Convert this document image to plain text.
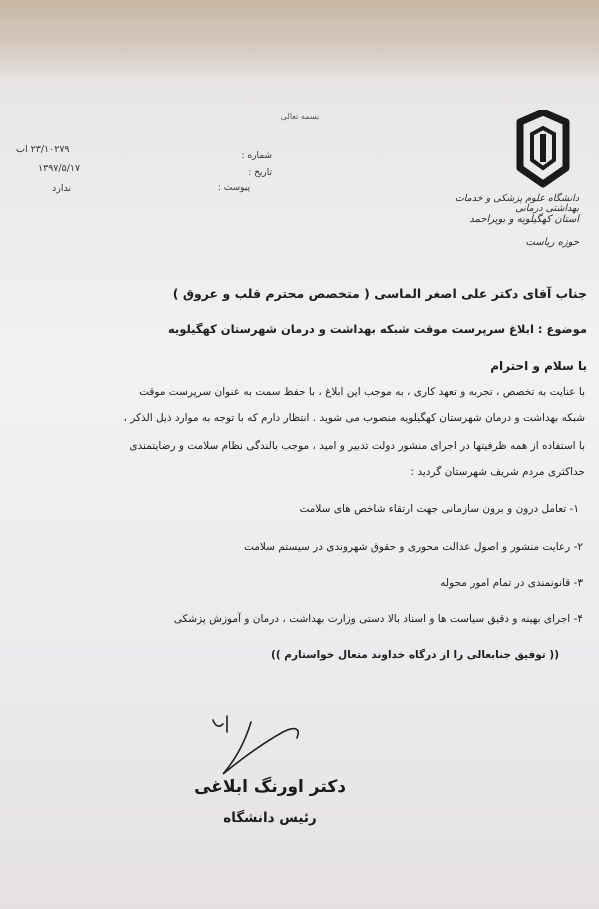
بسمه تعالی
دانشگاه علوم پزشکی و خدمات بهداشتی درمانی
استان کهگیلویه و بویراحمد
حوزه ریاست
شماره :
۲۳/۱۰۲۷۹ اب
تاریخ :
۱۳۹۷/۵/۱۷
پیوست :
ندارد
جناب آقای دکتر علی اصغر الماسی ( متخصص محترم قلب و عروق )
موضوع : ابلاغ سرپرست موقت شبکه بهداشت و درمان شهرستان کهگیلویه
با سلام و احترام
با عنایت به تخصص ، تجربه و تعهد کاری ، به موجب این ابلاغ ، با حفظ سمت به عنوان سرپرست موقت
شبکه بهداشت و درمان شهرستان کهگیلویه منصوب می شوید . انتظار دارم که با توجه به موارد ذیل الذکر ،
با استفاده از همه ظرفیتها در اجرای منشور دولت تدبیر و امید ، موجب بالندگی نظام سلامت و رضایتمندی
حداکثری مردم شریف شهرستان گردید :
۱- تعامل درون و برون سازمانی جهت ارتقاء شاخص های سلامت
۲- رعایت منشور و اصول عدالت محوری و حقوق شهروندی در سیستم سلامت
۳- قانونمندی در تمام امور محوله
۴- اجرای بهینه و دقیق سیاست ها و اسناد بالا دستی وزارت بهداشت ، درمان و آموزش پزشکی
(( توفیق جنابعالی را از درگاه خداوند متعال خواستارم ))
دکتر اورنگ ابلاغی
رئیس دانشگاه
